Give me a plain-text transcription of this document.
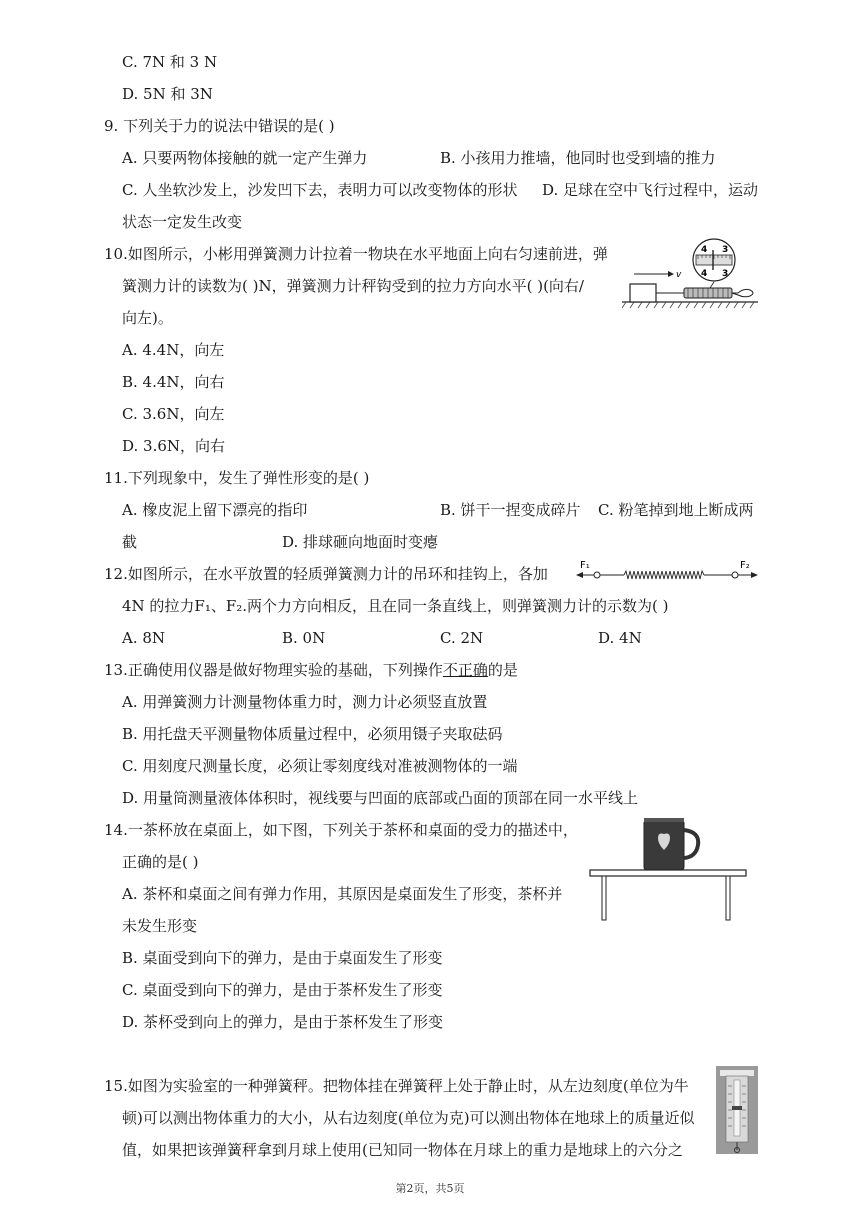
C. 7N 和 3 N
D. 5N 和 3N
9. 下列关于力的说法中错误的是( )
A. 只要两物体接触的就一定产生弹力	B. 小孩用力推墙，他同时也受到墙的推力
C. 人坐软沙发上，沙发凹下去，表明力可以改变物体的形状 D. 足球在空中飞行过程中，运动
状态一定发生改变
10.如图所示，小彬用弹簧测力计拉着一物块在水平地面上向右匀速前进，弹
簧测力计的读数为( )N，弹簧测力计秤钩受到的拉力方向水平( )(向右/
向左)。
A. 4.4N，向左
B. 4.4N，向右
C. 3.6N，向左
D. 3.6N，向右
v
4 3
4 3
11.下列现象中，发生了弹性形变的是( )
A. 橡皮泥上留下漂亮的指印	B. 饼干一捏变成碎片 C. 粉笔掉到地上断成两
截	D. 排球砸向地面时变瘪
12.如图所示，在水平放置的轻质弹簧测力计的吊环和挂钩上，各加
4N 的拉力F₁、F₂.两个力方向相反，且在同一条直线上，则弹簧测力计的示数为( )
A. 8N	B. 0N	C. 2N	D. 4N
F₁	F₂
13.正确使用仪器是做好物理实验的基础，下列操作不正确的是
A. 用弹簧测力计测量物体重力时，测力计必须竖直放置
B. 用托盘天平测量物体质量过程中，必须用镊子夹取砝码
C. 用刻度尺测量长度，必须让零刻度线对准被测物体的一端
D. 用量筒测量液体体积时，视线要与凹面的底部或凸面的顶部在同一水平线上
14.一茶杯放在桌面上，如下图，下列关于茶杯和桌面的受力的描述中，
正确的是( )
A. 茶杯和桌面之间有弹力作用，其原因是桌面发生了形变，茶杯并
未发生形变
B. 桌面受到向下的弹力，是由于桌面发生了形变
C. 桌面受到向下的弹力，是由于茶杯发生了形变
D. 茶杯受到向上的弹力，是由于茶杯发生了形变
15.如图为实验室的一种弹簧秤。把物体挂在弹簧秤上处于静止时，从左边刻度(单位为牛
顿)可以测出物体重力的大小，从右边刻度(单位为克)可以测出物体在地球上的质量近似
值，如果把该弹簧秤拿到月球上使用(已知同一物体在月球上的重力是地球上的六分之
第2页，共5页
